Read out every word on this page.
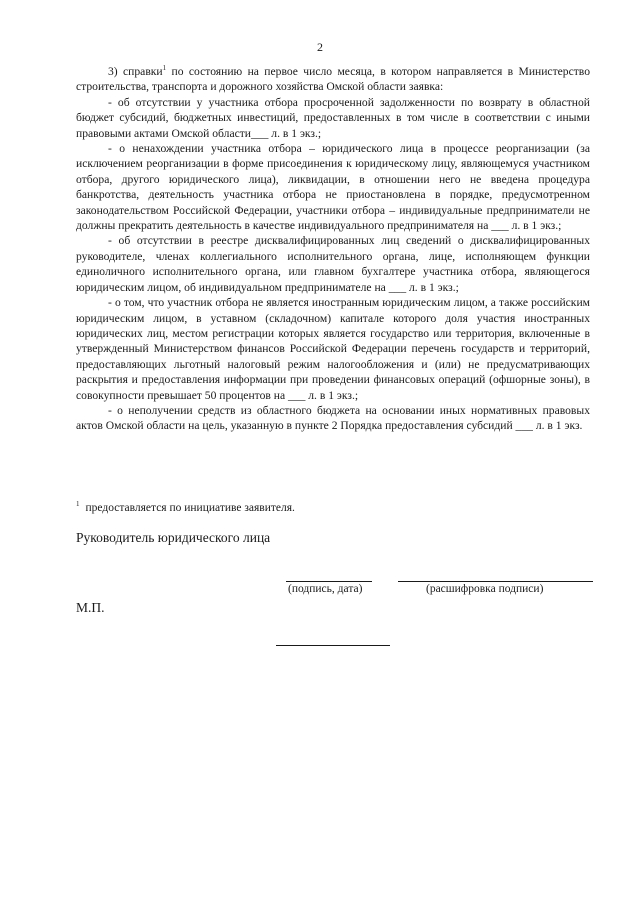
2

3) справки$^1$ по состоянию на первое число месяца, в котором направляется в Министерство строительства, транспорта и дорожного хозяйства Омской области заявка:

- об отсутствии у участника отбора просроченной задолженности по возврату в областной бюджет субсидий, бюджетных инвестиций, предоставленных в том числе в соответствии с иными правовыми актами Омской области___ л. в 1 экз.;

- о ненахождении участника отбора – юридического лица в процессе реорганизации (за исключением реорганизации в форме присоединения к юридическому лицу, являющемуся участником отбора, другого юридического лица), ликвидации, в отношении него не введена процедура банкротства, деятельность участника отбора не приостановлена в порядке, предусмотренном законодательством Российской Федерации, участники отбора – индивидуальные предприниматели не должны прекратить деятельность в качестве индивидуального предпринимателя на ___ л. в 1 экз.;

- об отсутствии в реестре дисквалифицированных лиц сведений о дисквалифицированных руководителе, членах коллегиального исполнительного органа, лице, исполняющем функции единоличного исполнительного органа, или главном бухгалтере участника отбора, являющегося юридическим лицом, об индивидуальном предпринимателе на ___ л. в 1 экз.;

- о том, что участник отбора не является иностранным юридическим лицом, а также российским юридическим лицом, в уставном (складочном) капитале которого доля участия иностранных юридических лиц, местом регистрации которых является государство или территория, включенные в утвержденный Министерством финансов Российской Федерации перечень государств и территорий, предоставляющих льготный налоговый режим налогообложения и (или) не предусматривающих раскрытия и предоставления информации при проведении финансовых операций (офшорные зоны), в совокупности превышает 50 процентов на ___ л. в 1 экз.;

- о неполучении средств из областного бюджета на основании иных нормативных правовых актов Омской области на цель, указанную в пункте 2 Порядка предоставления субсидий ___ л. в 1 экз.

$^1$ предоставляется по инициативе заявителя.
Руководитель юридического лица
(подпись, дата)	(расшифровка подписи)
М.П.
